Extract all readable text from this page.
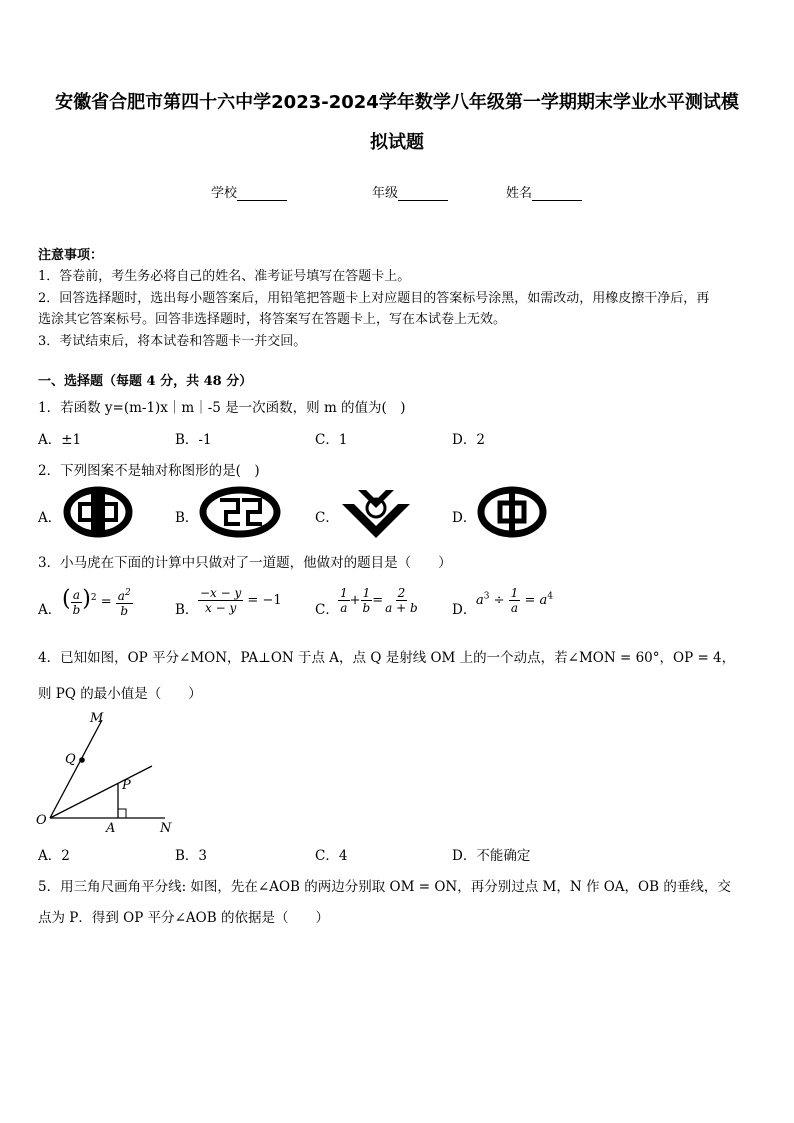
安徽省合肥市第四十六中学2023-2024学年数学八年级第一学期期末学业水平测试模
拟试题
学校	年级	姓名
注意事项：
1．答卷前，考生务必将自己的姓名、准考证号填写在答题卡上。
2．回答选择题时，选出每小题答案后，用铅笔把答题卡上对应题目的答案标号涂黑，如需改动，用橡皮擦干净后，再
选涂其它答案标号。回答非选择题时，将答案写在答题卡上，写在本试卷上无效。
3．考试结束后，将本试卷和答题卡一并交回。
一、选择题（每题 4 分，共 48 分）
1．若函数 y=(m-1)x｜m｜-5 是一次函数，则 m 的值为(　)
A．±1	B．-1	C．1	D．2
2．下列图案不是轴对称图形的是(　)
A．	B．	C．	D．
3．小马虎在下面的计算中只做对了一道题，他做对的题目是（　　）
A． ( $\frac{a}{b} )^2 = \frac{a^2}{b}$	B． $\frac{-x - y}{x - y} = -1$
C． $\frac{1}{a} + \frac{1}{b} = \frac{2}{a + b}$ D．
$a^3 \div \frac{1}{a} = a^4$
4．已知如图，OP 平分∠MON，PA⊥ON 于点 A，点 Q 是射线 OM 上的一个动点，若∠MON = 60°，OP = 4，
则 PQ 的最小值是（　　）
M
Q
P
O
A	N
A．2	B．3	C．4	D．不能确定
5．用三角尺画角平分线: 如图，先在∠AOB 的两边分别取 OM = ON，再分别过点 M，N 作 OA，OB 的垂线，交
点为 P．得到 OP 平分∠AOB 的依据是（　　）
